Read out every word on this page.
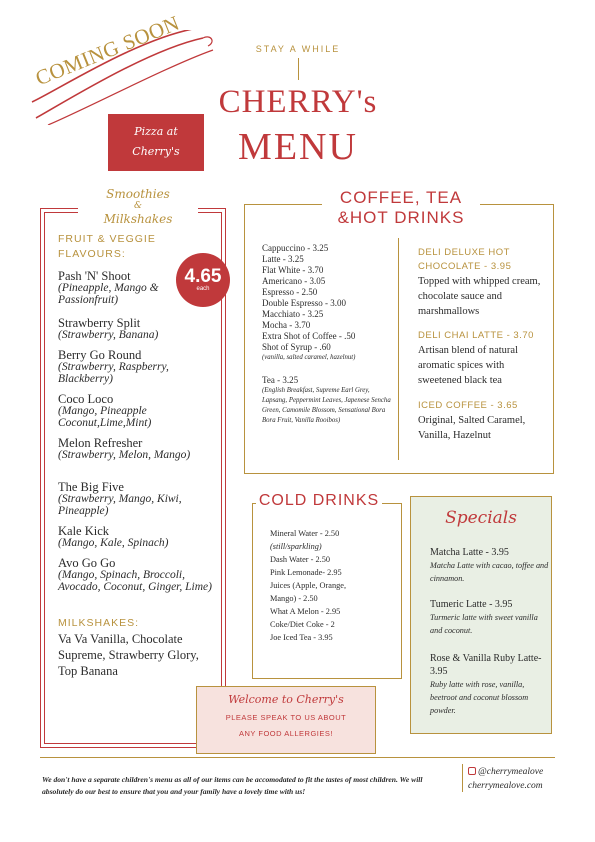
COMING SOON
Pizza at
Cherry's
STAY A WHILE
CHERRY's
MENU
Smoothies
&
Milkshakes
FRUIT & VEGGIE
FLAVOURS:
Pash 'N' Shoot
(Pineapple, Mango & Passionfruit)
Strawberry Split
(Strawberry, Banana)
Berry Go Round
(Strawberry, Raspberry, Blackberry)
Coco Loco
(Mango, Pineapple Coconut,Lime,Mint)
Melon Refresher
(Strawberry, Melon, Mango)
The Big Five
(Strawberry, Mango, Kiwi, Pineapple)
Kale Kick
(Mango, Kale, Spinach)
Avo Go Go
(Mango, Spinach, Broccoli, Avocado, Coconut, Ginger, Lime)
4.65
each
MILKSHAKES:
Va Va Vanilla, Chocolate Supreme, Strawberry Glory, Top Banana
COFFEE, TEA
&HOT DRINKS
Cappuccino - 3.25
Latte - 3.25
Flat White - 3.70
Americano - 3.05
Espresso - 2.50
Double Espresso - 3.00
Macchiato - 3.25
Mocha - 3.70
Extra Shot of Coffee - .50
Shot of Syrup - .60
(vanilla, salted caramel, hazelnut)
Tea - 3.25
(English Breakfast, Supreme Earl Grey, Lapsang, Peppermint Leaves, Japenese Sencha Green, Camomile Blossom, Sensational Bora Bora Fruit, Vanilla Rooibos)
DELI DELUXE HOT CHOCOLATE - 3.95
Topped with whipped cream, chocolate sauce and marshmallows
DELI CHAI LATTE - 3.70
Artisan blend of natural aromatic spices with sweetened black tea
ICED COFFEE - 3.65
Original, Salted Caramel, Vanilla, Hazelnut
COLD DRINKS
Mineral Water - 2.50
(still/sparkling)
Dash Water - 2.50
Pink Lemonade- 2.95
Juices (Apple, Orange,
Mango) - 2.50
What A Melon - 2.95
Coke/Diet Coke - 2
Joe Iced Tea - 3.95
Specials
Matcha Latte - 3.95
Matcha Latte with cacao, toffee and cinnamon.
Tumeric Latte - 3.95
Turmeric latte with sweet vanilla and coconut.
Rose & Vanilla Ruby Latte- 3.95
Ruby latte with rose, vanilla, beetroot and coconut blossom powder.
Welcome to Cherry's
PLEASE SPEAK TO US ABOUT
ANY FOOD ALLERGIES!
We don't have a separate children's menu as all of our items can be accomodated to fit the tastes of most children. We will absolutely do our best to ensure that you and your family have a lovely time with us!
@cherrymealove
cherrymealove.com
